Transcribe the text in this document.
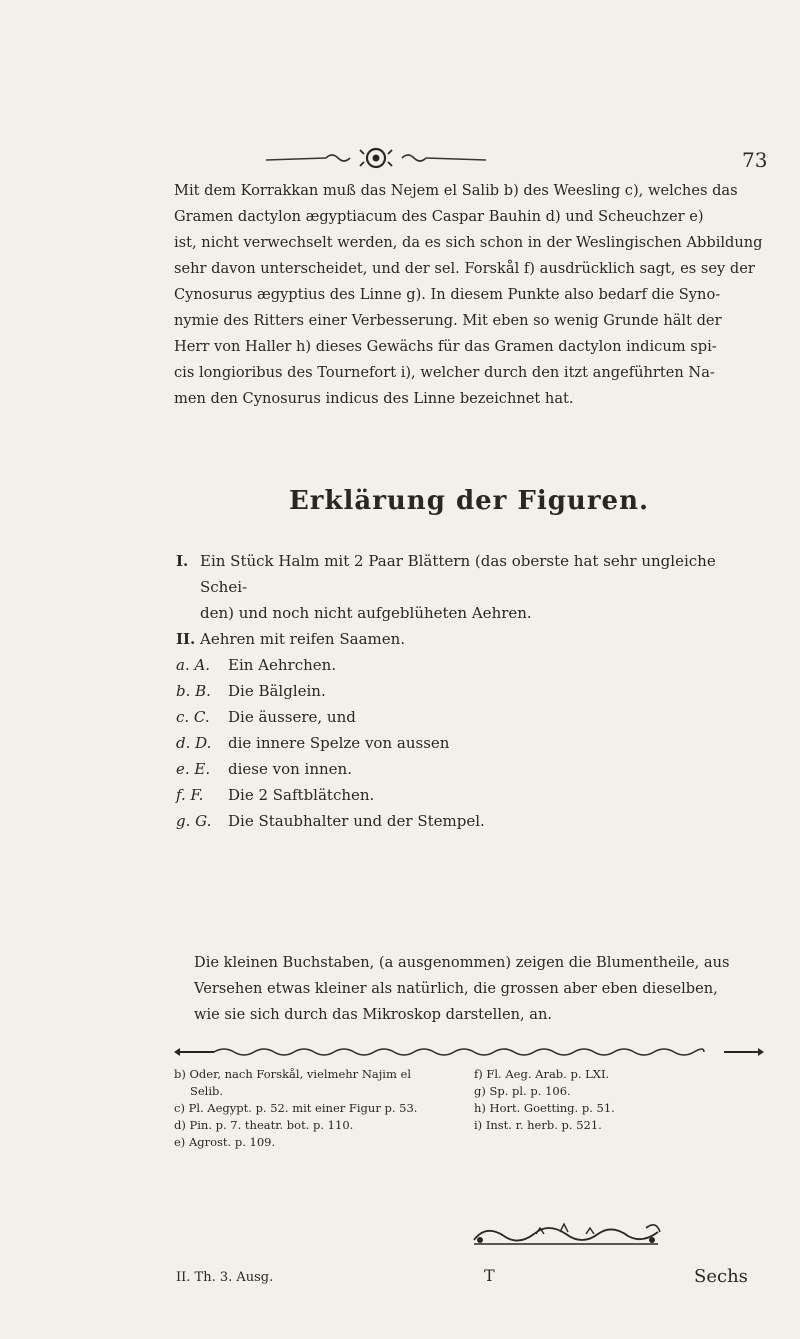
73

Mit dem Korrakkan muß das Nejem el Salib b) des Weesling c), welches das
Gramen dactylon ægyptiacum des Caspar Bauhin d) und Scheuchzer e)
ist, nicht verwechselt werden, da es sich schon in der Weslingischen Abbildung
sehr davon unterscheidet, und der sel. Forskål f) ausdrücklich sagt, es sey der
Cynosurus ægyptius des Linne g). In diesem Punkte also bedarf die Syno-
nymie des Ritters einer Verbesserung. Mit eben so wenig Grunde hält der
Herr von Haller h) dieses Gewächs für das Gramen dactylon indicum spi-
cis longioribus des Tournefort i), welcher durch den itzt angeführten Na-
men den Cynosurus indicus des Linne bezeichnet hat.

Erklärung der Figuren.
I. Ein Stück Halm mit 2 Paar Blättern (das oberste hat sehr ungleiche Schei-
den) und noch nicht aufgeblüheten Aehren.
II. Aehren mit reifen Saamen.
a. A.	Ein Aehrchen.
b. B.	Die Bälglein.
c. C.	Die äussere, und
d. D.	die innere Spelze von aussen
e. E.	diese von innen.
f. F.	Die 2 Saftblätchen.
g. G.	Die Staubhalter und der Stempel.

Die kleinen Buchstaben, (a ausgenommen) zeigen die Blumentheile, aus
Versehen etwas kleiner als natürlich, die grossen aber eben dieselben,
wie sie sich durch das Mikroskop darstellen, an.

b) Oder, nach Forskål, vielmehr Najim el
Selib.
c) Pl. Aegypt. p. 52. mit einer Figur p. 53.
d) Pin. p. 7. theatr. bot. p. 110.
e) Agrost. p. 109.
f) Fl. Aeg. Arab. p. LXI.
g) Sp. pl. p. 106.
h) Hort. Goetting. p. 51.
i) Inst. r. herb. p. 521.
II. Th. 3. Ausg.	T	Sechs
